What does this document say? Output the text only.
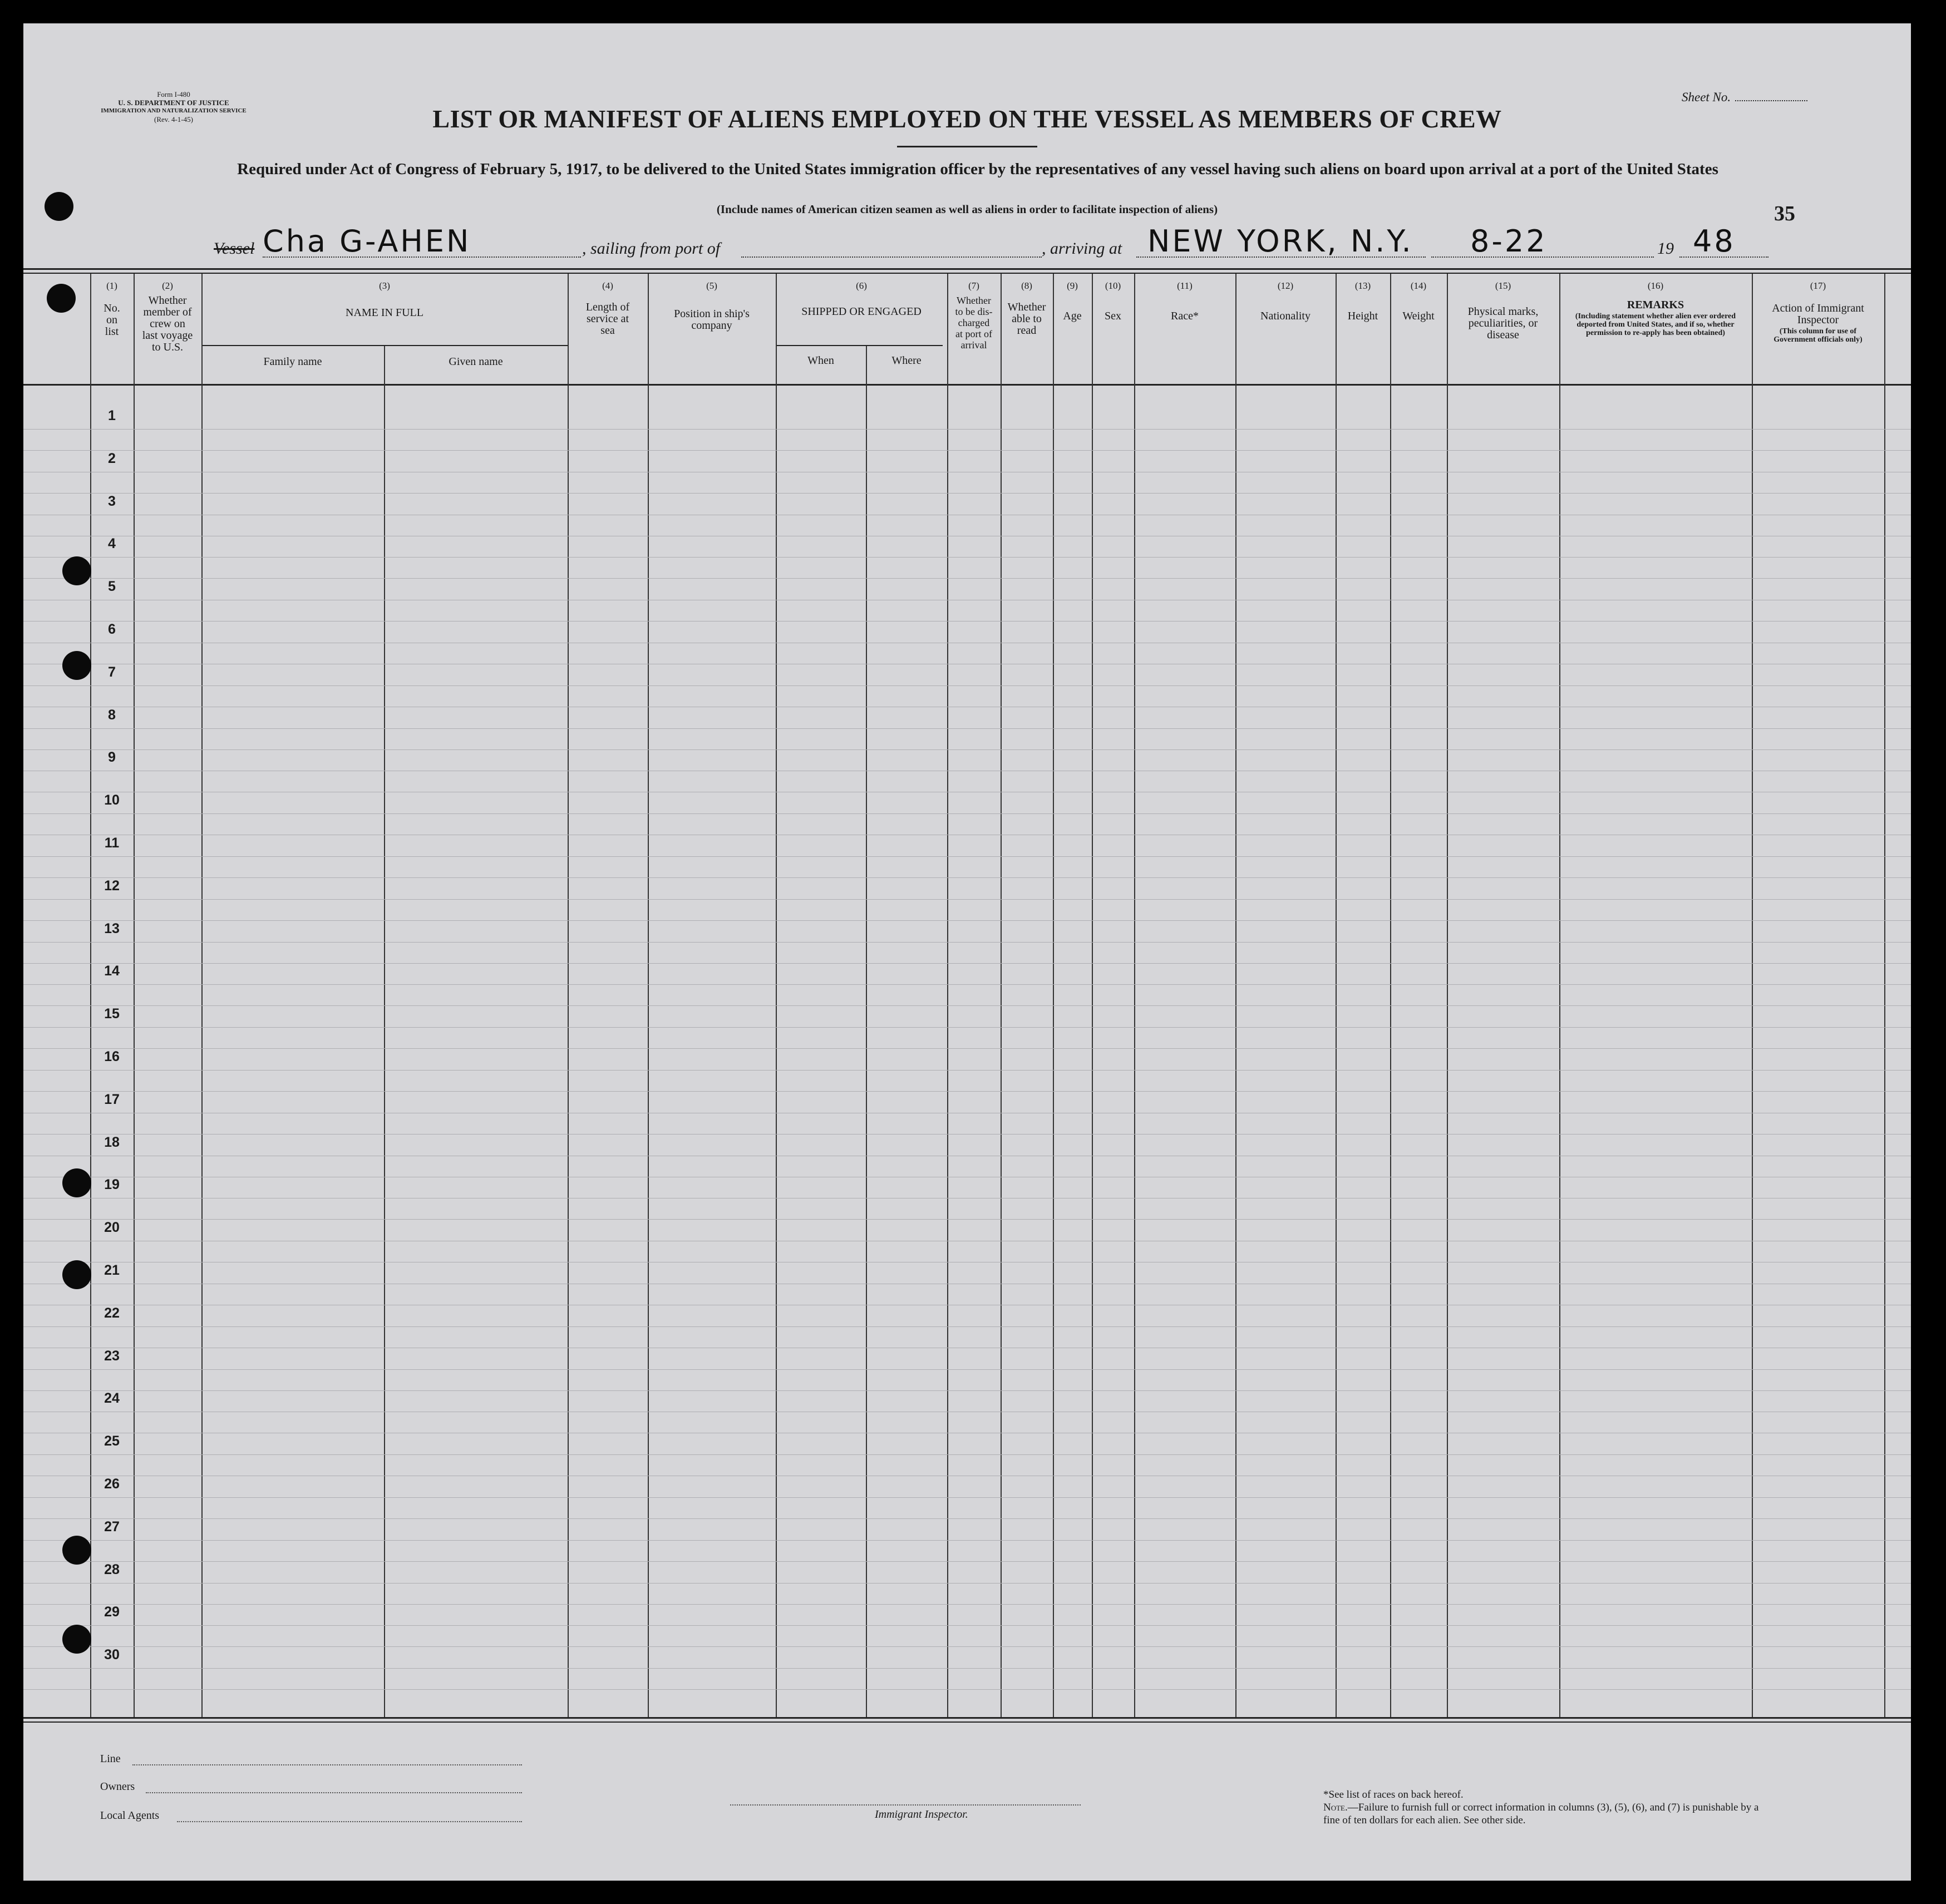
Form I-480
U. S. DEPARTMENT OF JUSTICE
IMMIGRATION AND NATURALIZATION SERVICE
(Rev. 4-1-45)
Sheet No.
LIST OR MANIFEST OF ALIENS EMPLOYED ON THE VESSEL AS MEMBERS OF CREW
Required under Act of Congress of February 5, 1917, to be delivered to the United States immigration officer by the representatives of any vessel having such aliens on board upon arrival at a port of the United States
(Include names of American citizen seamen as well as aliens in order to facilitate inspection of aliens)	35
Vessel Cha G-AHEN	, sailing from port of	, arriving at NEW YORK, N.Y. 8-22	19 48
(1)
No. on list
(2)
Whether member of crew on last voyage to U.S.
(3)
NAME IN FULL
Family name	Given name
(4)
Length of service at sea
(5)
Position in ship's company
(6)
SHIPPED OR ENGAGED
When	Where
(7)
Whether to be dis-charged at port of arrival
(8)
Whether able to read
(9)
Age
(10)
Sex
(11)
Race*
(12)
Nationality
(13)
Height
(14)
Weight
(15)
Physical marks, peculiarities, or disease
(16)
REMARKS
(Including statement whether alien ever ordered deported from United States, and if so, whether permission to re-apply has been obtained)
(17)
Action of Immigrant Inspector
(This column for use of Government officials only)
1
2
3
4
5
6
7
8
9
10
11
12
13
14
15
16
17
18
19
20
21
22
23
24
25
26
27
28
29
30
Line
Owners
Local Agents	Immigrant Inspector.
*See list of races on back hereof.
Note.—Failure to furnish full or correct information in columns (3), (5), (6), and (7) is punishable by a fine of ten dollars for each alien. See other side.
